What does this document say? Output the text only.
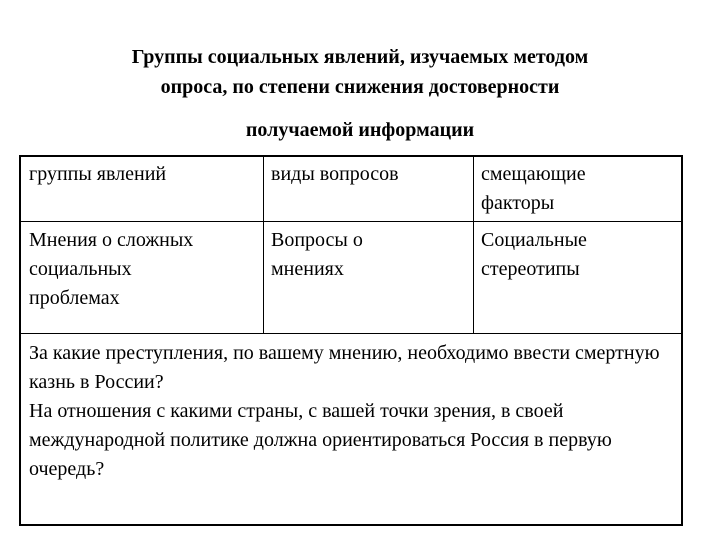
Группы социальных явлений, изучаемых методом
опроса, по степени снижения достоверности
получаемой информации
группы явлений	виды вопросов	смещающие
факторы
Мнения о сложных
социальных
проблемах
Вопросы о
мнениях
Социальные
стереотипы

За какие преступления, по вашему мнению, необходимо ввести смертную казнь в России?

На отношения с какими страны, с вашей точки зрения, в своей международной политике должна ориентироваться Россия в первую очередь?
